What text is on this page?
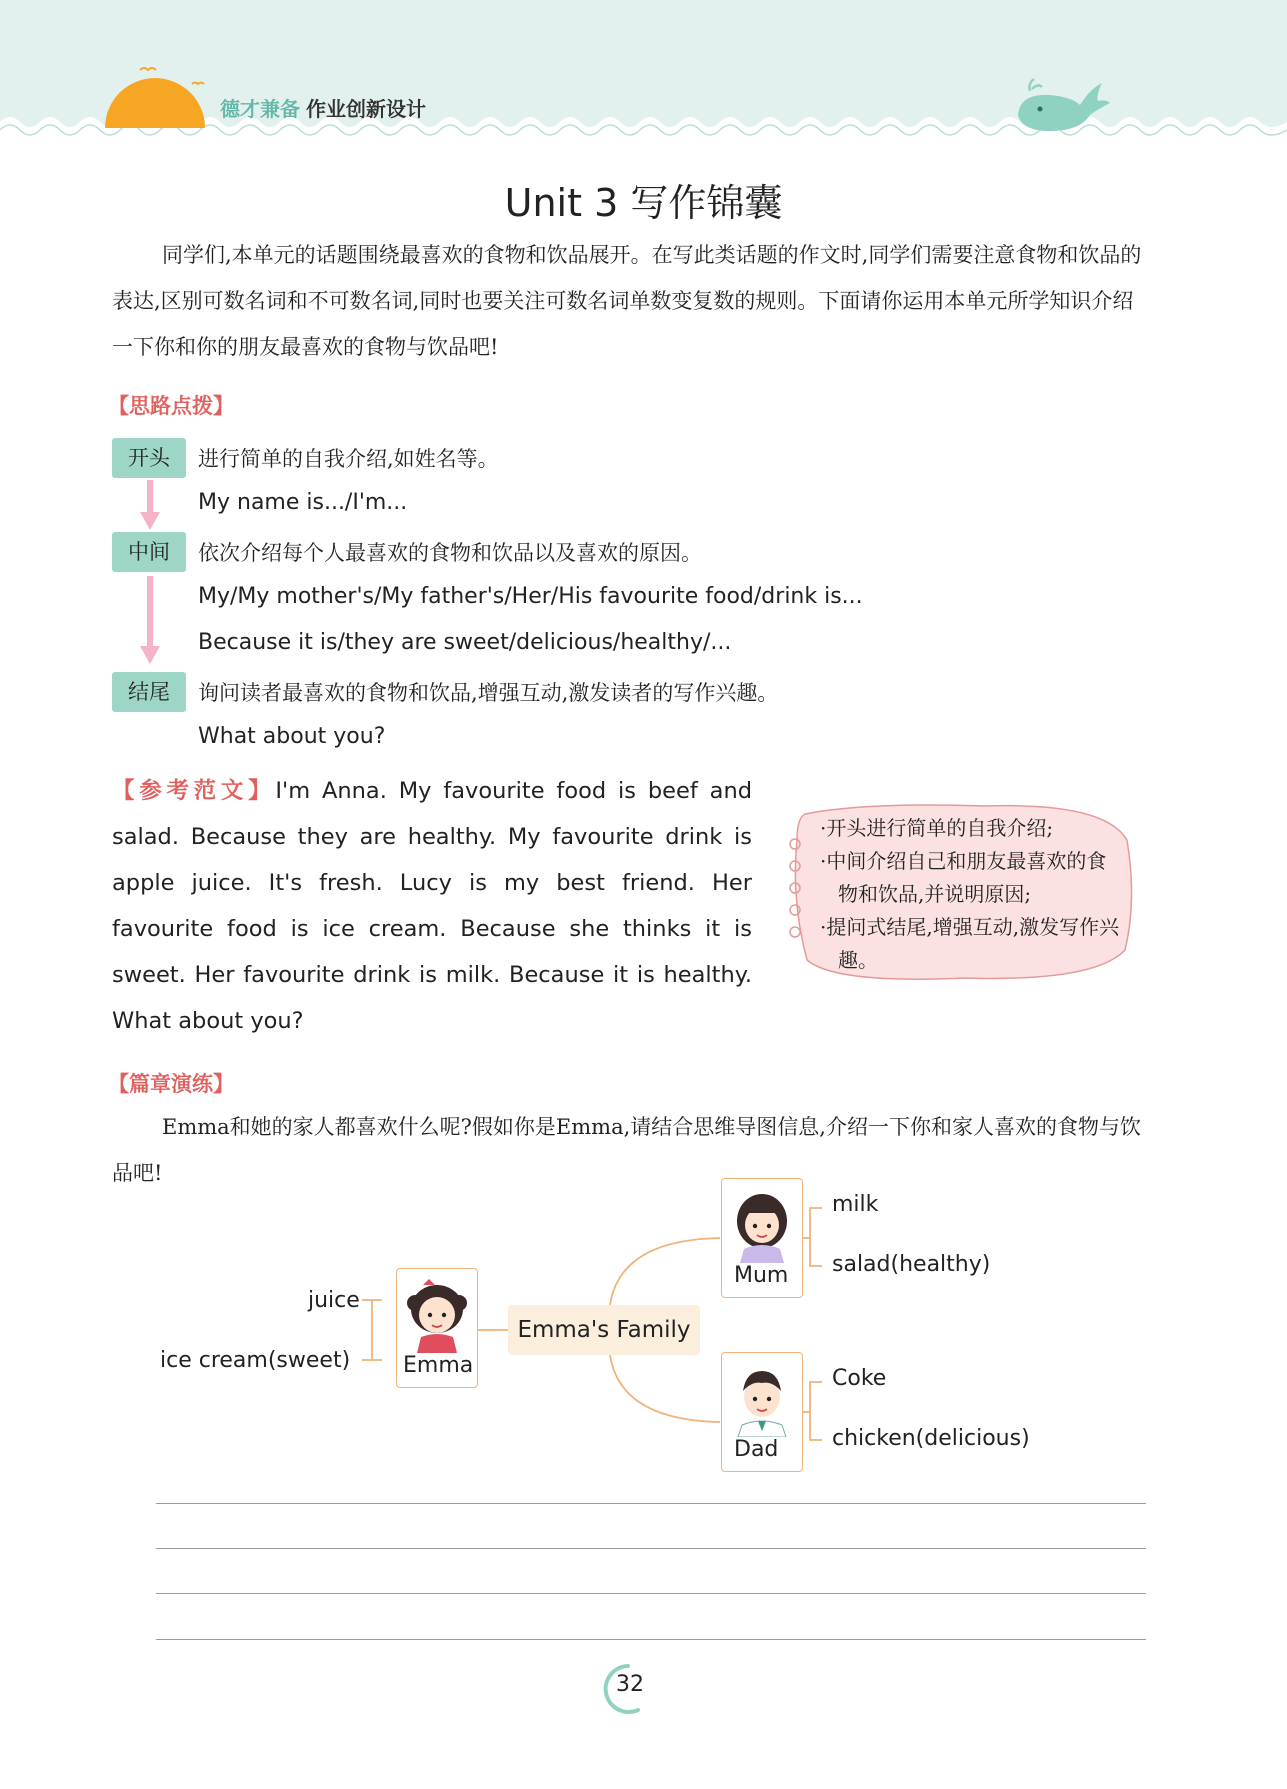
德才兼备 作业创新设计
Unit 3 写作锦囊

同学们,本单元的话题围绕最喜欢的食物和饮品展开。在写此类话题的作文时,同学们需要注意食物和饮品的表达,区别可数名词和不可数名词,同时也要关注可数名词单数变复数的规则。下面请你运用本单元所学知识介绍一下你和你的朋友最喜欢的食物与饮品吧!

【思路点拨】
开头	进行简单的自我介绍,如姓名等。
My name is.../I'm...
中间	依次介绍每个人最喜欢的食物和饮品以及喜欢的原因。
My/My mother's/My father's/Her/His favourite food/drink is...
Because it is/they are sweet/delicious/healthy/...
结尾	询问读者最喜欢的食物和饮品,增强互动,激发读者的写作兴趣。
What about you?

【参考范文】I'm Anna. My favourite food is beef and salad. Because they are healthy. My favourite drink is apple juice. It's fresh. Lucy is my best friend. Her favourite food is ice cream. Because she thinks it is sweet. Her favourite drink is milk. Because it is healthy. What about you?

·开头进行简单的自我介绍;

·中间介绍自己和朋友最喜欢的食物和饮品,并说明原因;

·提问式结尾,增强互动,激发写作兴趣。

【篇章演练】

Emma和她的家人都喜欢什么呢?假如你是Emma,请结合思维导图信息,介绍一下你和家人喜欢的食物与饮品吧!

Emma's Family
Emma
juice
ice cream(sweet)
Mum
milk
salad(healthy)
Dad
Coke
chicken(delicious)
32
